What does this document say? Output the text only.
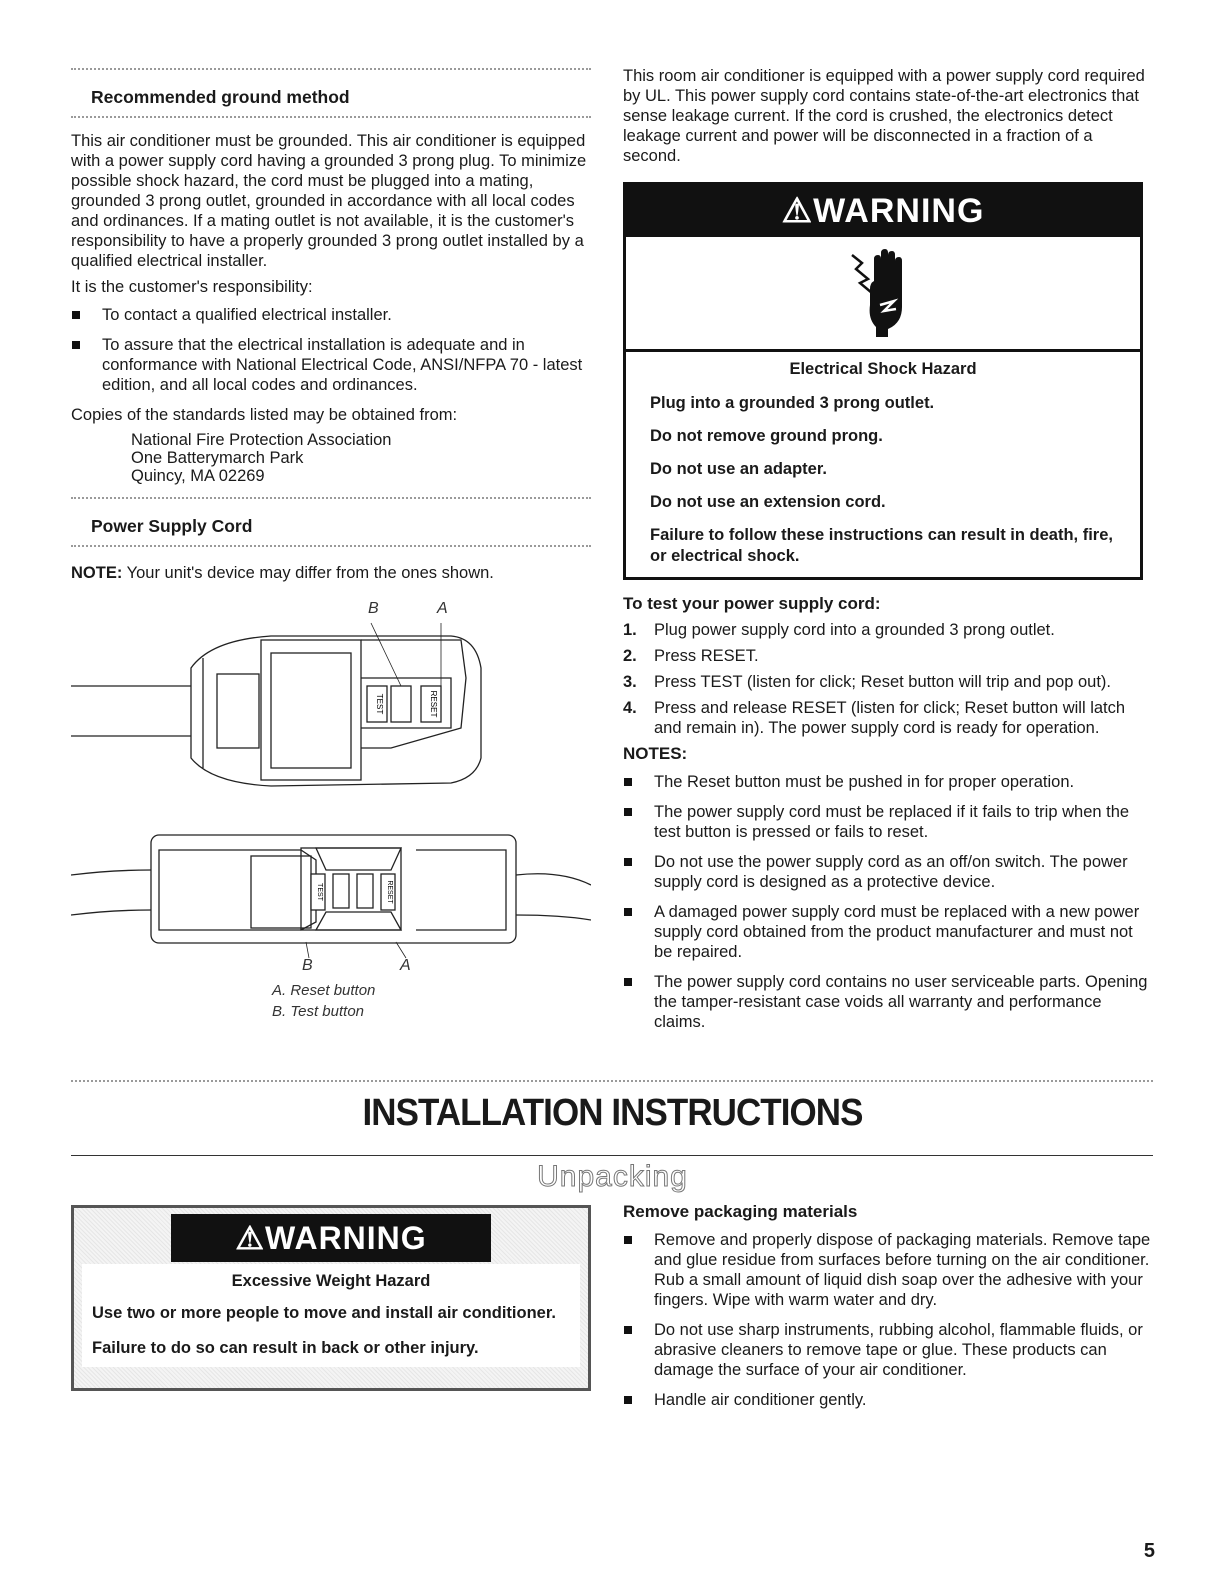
Recommended ground method

This air conditioner must be grounded. This air conditioner is equipped with a power supply cord having a grounded 3 prong plug. To minimize possible shock hazard, the cord must be plugged into a mating, grounded 3 prong outlet, grounded in accordance with all local codes and ordinances. If a mating outlet is not available, it is the customer's responsibility to have a properly grounded 3 prong outlet installed by a qualified electrical installer.

It is the customer's responsibility:

To contact a qualified electrical installer.
To assure that the electrical installation is adequate and in conformance with National Electrical Code, ANSI/NFPA 70 - latest edition, and all local codes and ordinances.

Copies of the standards listed may be obtained from:

National Fire Protection Association
One Batterymarch Park
Quincy, MA 02269
Power Supply Cord

NOTE: Your unit's device may differ from the ones shown.

B	A
TEST	RESET
TEST	RESET
B	A
A. Reset button
B. Test button

This room air conditioner is equipped with a power supply cord required by UL. This power supply cord contains state-of-the-art electronics that sense leakage current. If the cord is crushed, the electronics detect leakage current and power will be disconnected in a fraction of a second.

⚠WARNING

Electrical Shock Hazard

Plug into a grounded 3 prong outlet.

Do not remove ground prong.

Do not use an adapter.

Do not use an extension cord.

Failure to follow these instructions can result in death, fire, or electrical shock.

To test your power supply cord:

1. Plug power supply cord into a grounded 3 prong outlet.
2. Press RESET.
3. Press TEST (listen for click; Reset button will trip and pop out).
4. Press and release RESET (listen for click; Reset button will latch and remain in). The power supply cord is ready for operation.

NOTES:

The Reset button must be pushed in for proper operation.
The power supply cord must be replaced if it fails to trip when the test button is pressed or fails to reset.
Do not use the power supply cord as an off/on switch. The power supply cord is designed as a protective device.
A damaged power supply cord must be replaced with a new power supply cord obtained from the product manufacturer and must not be repaired.
The power supply cord contains no user serviceable parts. Opening the tamper-resistant case voids all warranty and performance claims.
INSTALLATION INSTRUCTIONS
Unpacking
⚠WARNING

Excessive Weight Hazard

Use two or more people to move and install air conditioner.

Failure to do so can result in back or other injury.

Remove packaging materials

Remove and properly dispose of packaging materials. Remove tape and glue residue from surfaces before turning on the air conditioner. Rub a small amount of liquid dish soap over the adhesive with your fingers. Wipe with warm water and dry.
Do not use sharp instruments, rubbing alcohol, flammable fluids, or abrasive cleaners to remove tape or glue. These products can damage the surface of your air conditioner.
Handle air conditioner gently.
5
